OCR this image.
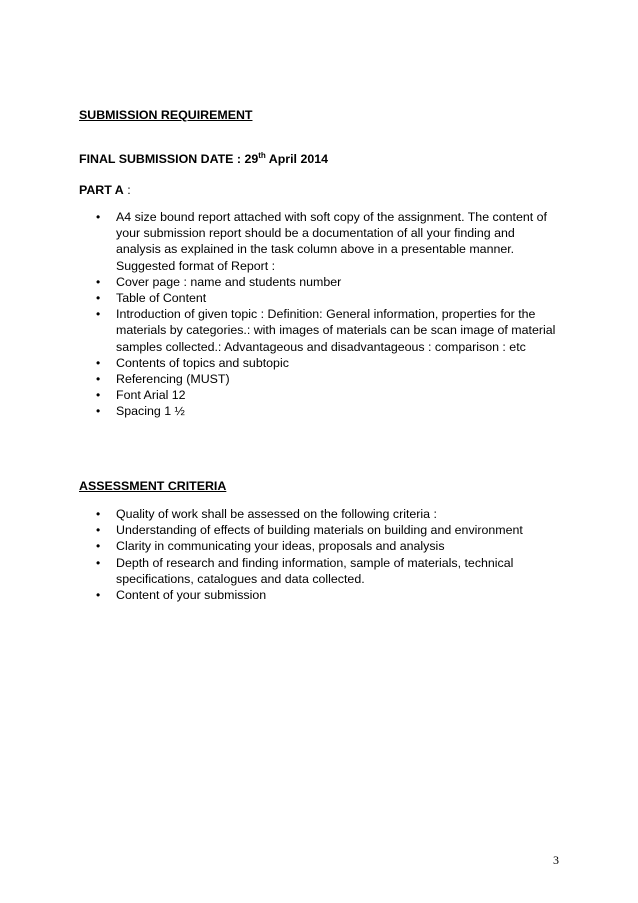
SUBMISSION REQUIREMENT
FINAL SUBMISSION DATE : 29th April 2014
PART A :
• A4 size bound report attached with soft copy of the assignment. The content of your submission report should be a documentation of all your finding and analysis as explained in the task column above in a presentable manner. Suggested format of Report :
• Cover page : name and students number
• Table of Content
• Introduction of given topic : Definition: General information, properties for the materials by categories.: with images of materials can be scan image of material samples collected.: Advantageous and disadvantageous : comparison : etc
• Contents of topics and subtopic
• Referencing (MUST)
• Font Arial 12
• Spacing 1 ½
ASSESSMENT CRITERIA
• Quality of work shall be assessed on the following criteria :
• Understanding of effects of building materials on building and environment
• Clarity in communicating your ideas, proposals and analysis
• Depth of research and finding information, sample of materials, technical specifications, catalogues and data collected.
• Content of your submission
3
